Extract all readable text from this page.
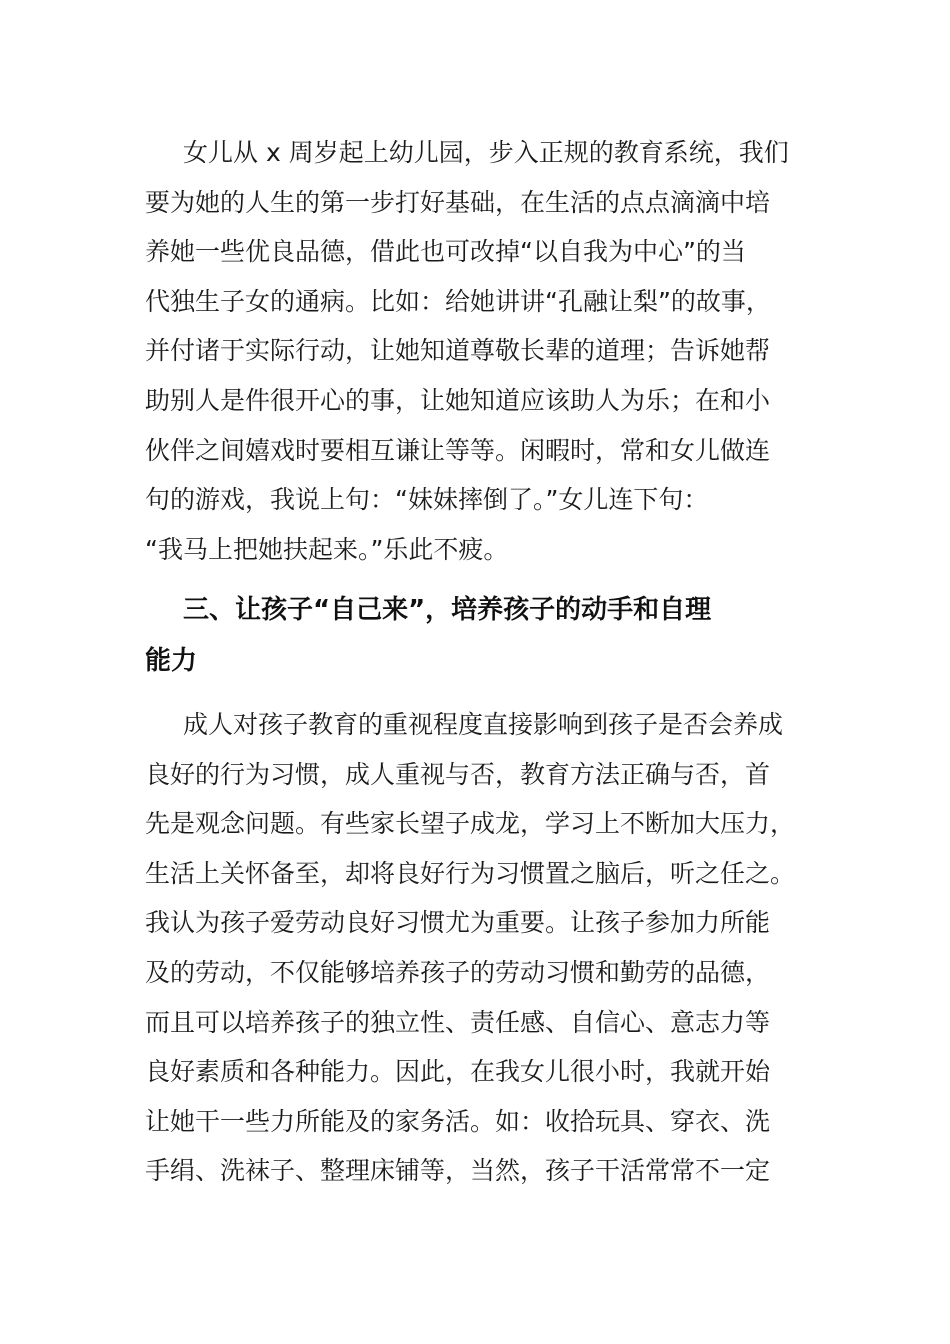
女儿从 x 周岁起上幼儿园，步入正规的教育系统，我们
要为她的人生的第一步打好基础，在生活的点点滴滴中培
养她一些优良品德，借此也可改掉“以自我为中心”的当
代独生子女的通病。比如：给她讲讲“孔融让梨”的故事，
并付诸于实际行动，让她知道尊敬长辈的道理；告诉她帮
助别人是件很开心的事，让她知道应该助人为乐；在和小
伙伴之间嬉戏时要相互谦让等等。闲暇时，常和女儿做连
句的游戏，我说上句：“妹妹摔倒了。”女儿连下句：
“我马上把她扶起来。”乐此不疲。
三、让孩子“自己来”，培养孩子的动手和自理
能力
成人对孩子教育的重视程度直接影响到孩子是否会养成
良好的行为习惯，成人重视与否，教育方法正确与否，首
先是观念问题。有些家长望子成龙，学习上不断加大压力，
生活上关怀备至，却将良好行为习惯置之脑后，听之任之。
我认为孩子爱劳动良好习惯尤为重要。让孩子参加力所能
及的劳动，不仅能够培养孩子的劳动习惯和勤劳的品德，
而且可以培养孩子的独立性、责任感、自信心、意志力等
良好素质和各种能力。因此，在我女儿很小时，我就开始
让她干一些力所能及的家务活。如：收拾玩具、穿衣、洗
手绢、洗袜子、整理床铺等，当然，孩子干活常常不一定
